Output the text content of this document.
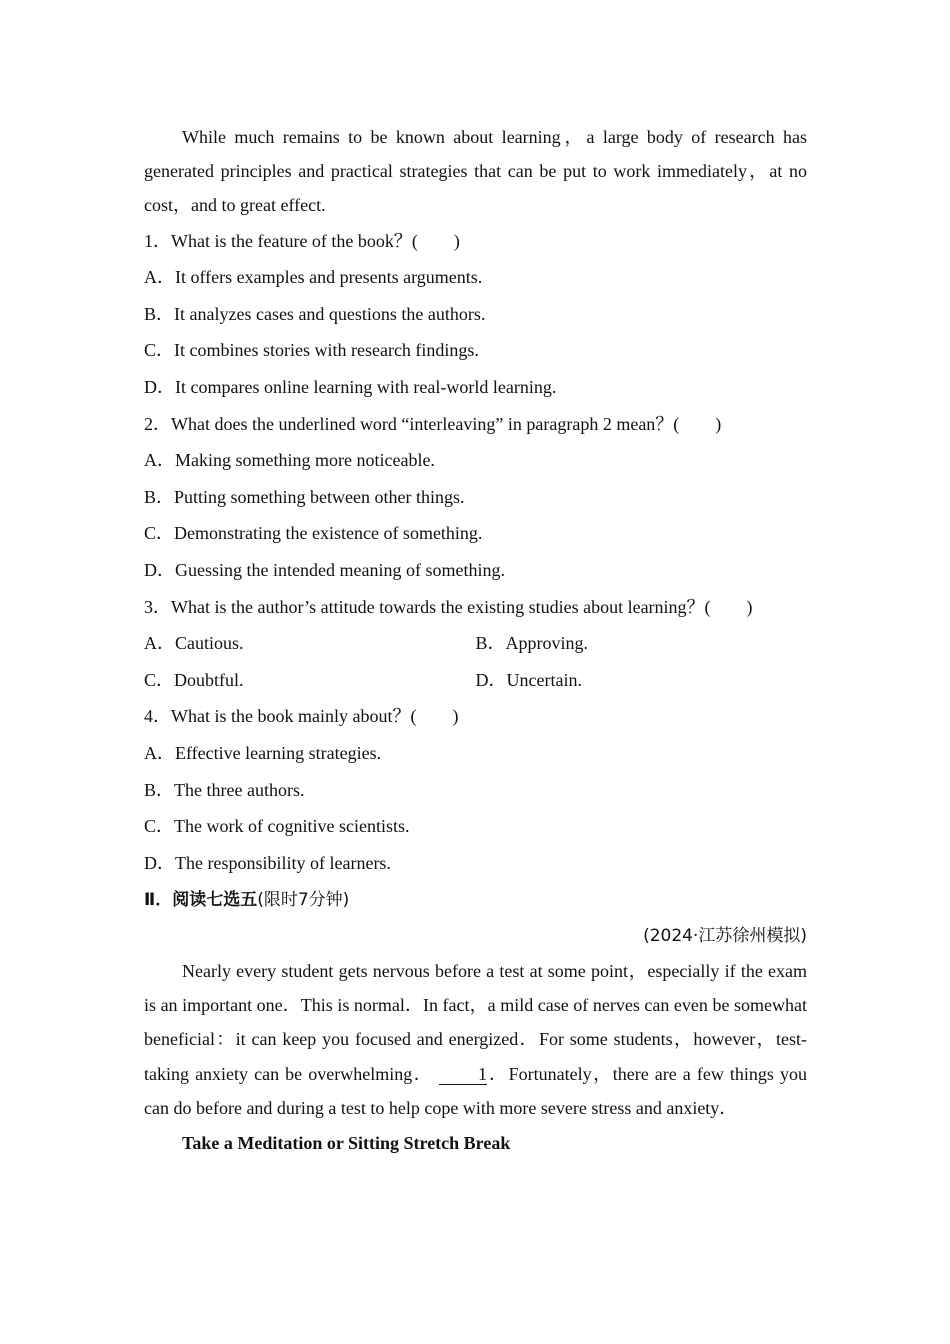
While much remains to be known about learning，a large body of research has generated principles and practical strategies that can be put to work immediately，at no cost，and to great effect.

1．What is the feature of the book？(　　)
A．It offers examples and presents arguments.
B．It analyzes cases and questions the authors.
C．It combines stories with research findings.
D．It compares online learning with real-world learning.
2．What does the underlined word “interleaving” in paragraph 2 mean？(　　)
A．Making something more noticeable.
B．Putting something between other things.
C．Demonstrating the existence of something.
D．Guessing the intended meaning of something.
3．What is the author’s attitude towards the existing studies about learning？(　　)
A．Cautious.	B．Approving.
C．Doubtful.	D．Uncertain.
4．What is the book mainly about？(　　)
A．Effective learning strategies.
B．The three authors.
C．The work of cognitive scientists.
D．The responsibility of learners.
Ⅱ．阅读七选五(限时7分钟)
(2024·江苏徐州模拟)

Nearly every student gets nervous before a test at some point，especially if the exam is an important one．This is normal．In fact，a mild case of nerves can even be somewhat beneficial：it can keep you focused and energized．For some students，however，test-taking anxiety can be overwhelming． 1．Fortunately，there are a few things you can do before and during a test to help cope with more severe stress and anxiety．

Take a Meditation or Sitting Stretch Break
